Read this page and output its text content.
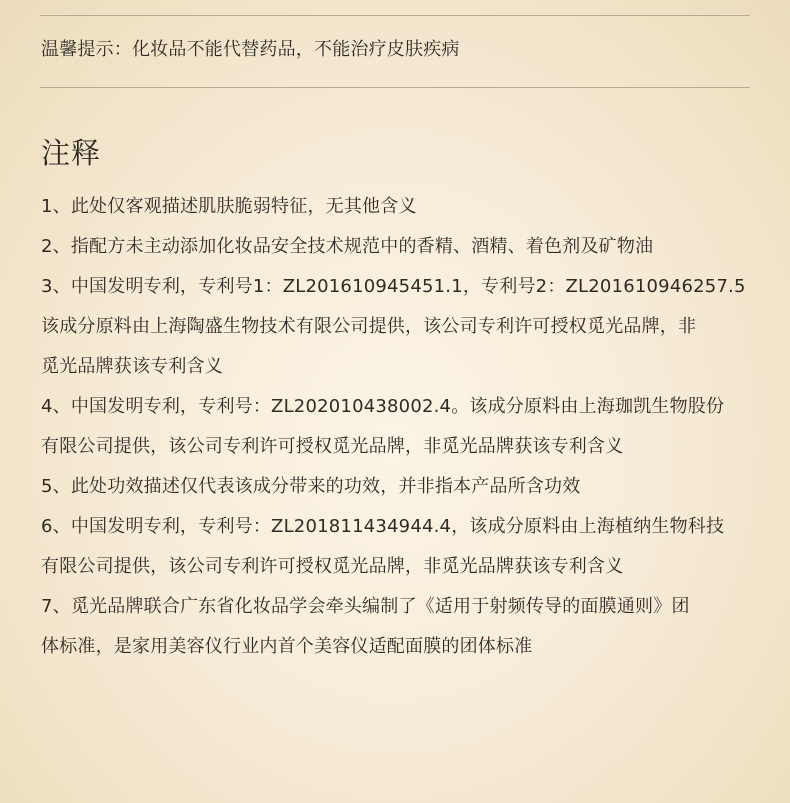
温馨提示：化妆品不能代替药品，不能治疗皮肤疾病
注释
1、此处仅客观描述肌肤脆弱特征，无其他含义
2、指配方未主动添加化妆品安全技术规范中的香精、酒精、着色剂及矿物油
3、中国发明专利，专利号1：ZL201610945451.1，专利号2：ZL201610946257.5
该成分原料由上海陶盛生物技术有限公司提供，该公司专利许可授权觅光品牌，非
觅光品牌获该专利含义
4、中国发明专利，专利号：ZL202010438002.4。该成分原料由上海珈凯生物股份
有限公司提供，该公司专利许可授权觅光品牌，非觅光品牌获该专利含义
5、此处功效描述仅代表该成分带来的功效，并非指本产品所含功效
6、中国发明专利，专利号：ZL201811434944.4，该成分原料由上海植纳生物科技
有限公司提供，该公司专利许可授权觅光品牌，非觅光品牌获该专利含义
7、觅光品牌联合广东省化妆品学会牵头编制了《适用于射频传导的面膜通则》团
体标准，是家用美容仪行业内首个美容仪适配面膜的团体标准
